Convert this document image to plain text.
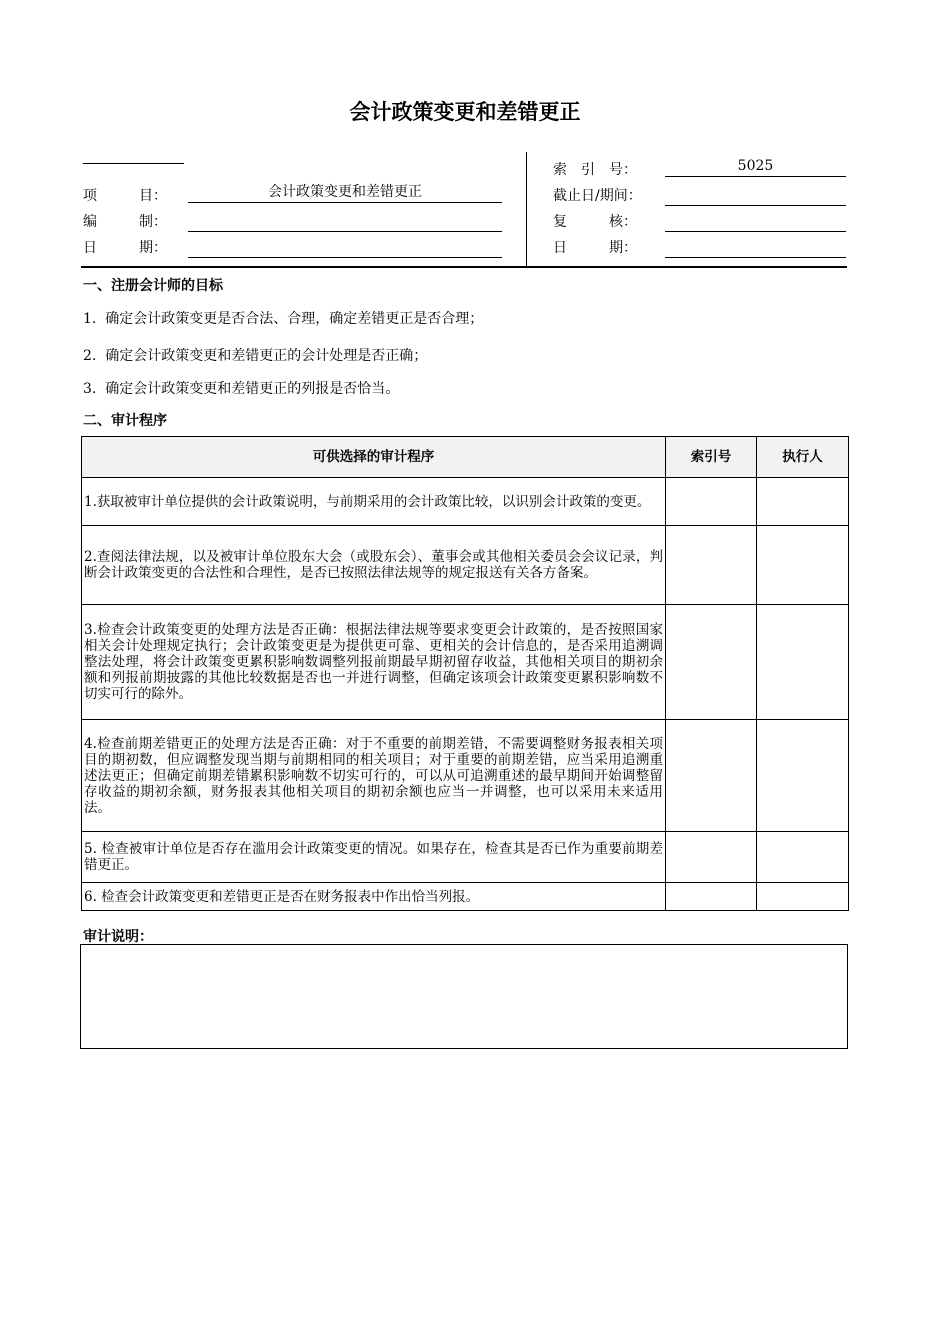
会计政策变更和差错更正
项　　　目：	会计政策变更和差错更正
编　　　制：
日　　　期：
索　引　号：	5025
截止日/期间：
复　　　核：
日　　　期：
一、注册会计师的目标
1.  确定会计政策变更是否合法、合理，确定差错更正是否合理；
2.  确定会计政策变更和差错更正的会计处理是否正确；
3.  确定会计政策变更和差错更正的列报是否恰当。
二、审计程序
可供选择的审计程序	索引号	执行人
1.获取被审计单位提供的会计政策说明，与前期采用的会计政策比较，以识别会计政策的变更。		
2.查阅法律法规，以及被审计单位股东大会（或股东会）、董事会或其他相关委员会会议记录，判断会计政策变更的合法性和合理性，是否已按照法律法规等的规定报送有关各方备案。		
3.检查会计政策变更的处理方法是否正确：根据法律法规等要求变更会计政策的，是否按照国家相关会计处理规定执行；会计政策变更是为提供更可靠、更相关的会计信息的，是否采用追溯调整法处理，将会计政策变更累积影响数调整列报前期最早期初留存收益，其他相关项目的期初余额和列报前期披露的其他比较数据是否也一并进行调整，但确定该项会计政策变更累积影响数不切实可行的除外。		
4.检查前期差错更正的处理方法是否正确：对于不重要的前期差错，不需要调整财务报表相关项目的期初数，但应调整发现当期与前期相同的相关项目；对于重要的前期差错，应当采用追溯重述法更正；但确定前期差错累积影响数不切实可行的，可以从可追溯重述的最早期间开始调整留存收益的期初余额，财务报表其他相关项目的期初余额也应当一并调整，也可以采用未来适用法。		
5. 检查被审计单位是否存在滥用会计政策变更的情况。如果存在，检查其是否已作为重要前期差错更正。		
6. 检查会计政策变更和差错更正是否在财务报表中作出恰当列报。		
审计说明：
